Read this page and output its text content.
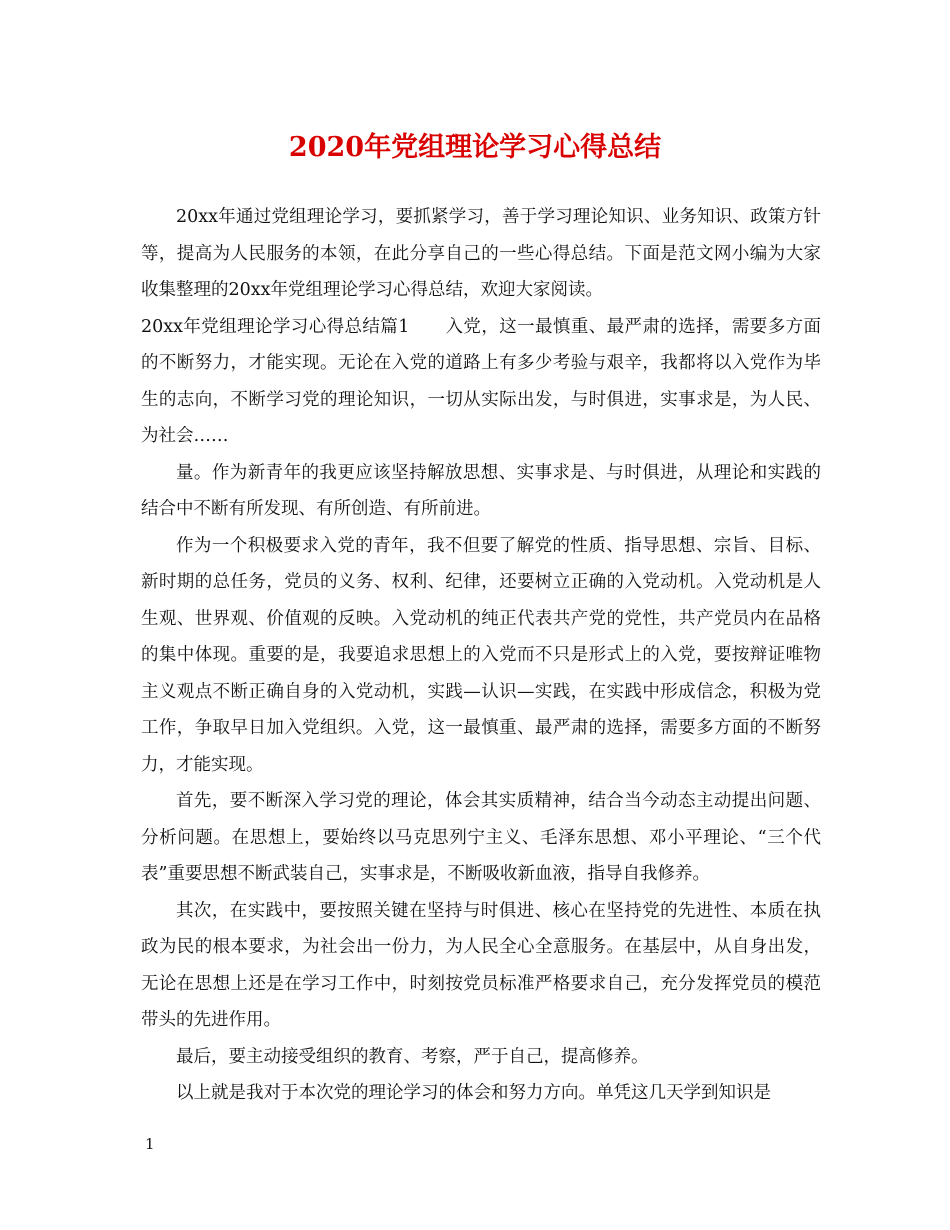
2020年党组理论学习心得总结

20xx年通过党组理论学习，要抓紧学习，善于学习理论知识、业务知识、政策方针等，提高为人民服务的本领，在此分享自己的一些心得总结。下面是范文网小编为大家收集整理的20xx年党组理论学习心得总结，欢迎大家阅读。

20xx年党组理论学习心得总结篇1　　入党，这一最慎重、最严肃的选择，需要多方面的不断努力，才能实现。无论在入党的道路上有多少考验与艰辛，我都将以入党作为毕生的志向，不断学习党的理论知识，一切从实际出发，与时俱进，实事求是，为人民、为社会……

量。作为新青年的我更应该坚持解放思想、实事求是、与时俱进，从理论和实践的结合中不断有所发现、有所创造、有所前进。

作为一个积极要求入党的青年，我不但要了解党的性质、指导思想、宗旨、目标、新时期的总任务，党员的义务、权利、纪律，还要树立正确的入党动机。入党动机是人生观、世界观、价值观的反映。入党动机的纯正代表共产党的党性，共产党员内在品格的集中体现。重要的是，我要追求思想上的入党而不只是形式上的入党，要按辩证唯物主义观点不断正确自身的入党动机，实践—认识—实践，在实践中形成信念，积极为党工作，争取早日加入党组织。入党，这一最慎重、最严肃的选择，需要多方面的不断努力，才能实现。

首先，要不断深入学习党的理论，体会其实质精神，结合当今动态主动提出问题、分析问题。在思想上，要始终以马克思列宁主义、毛泽东思想、邓小平理论、“三个代表”重要思想不断武装自己，实事求是，不断吸收新血液，指导自我修养。

其次，在实践中，要按照关键在坚持与时俱进、核心在坚持党的先进性、本质在执政为民的根本要求，为社会出一份力，为人民全心全意服务。在基层中，从自身出发，无论在思想上还是在学习工作中，时刻按党员标准严格要求自己，充分发挥党员的模范带头的先进作用。

最后，要主动接受组织的教育、考察，严于自己，提高修养。

以上就是我对于本次党的理论学习的体会和努力方向。单凭这几天学到知识是

1
